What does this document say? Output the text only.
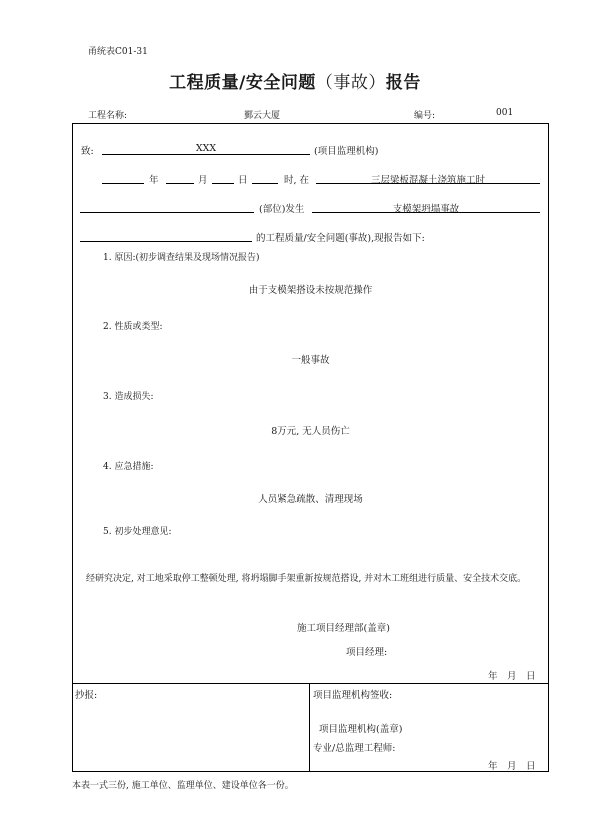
甬统表C01-31
工程质量/安全问题（事故）报告
工程名称:	鄞云大厦	编号:	001
致:	XXX	(项目监理机构)
年	月	日	时, 在	三层梁板混凝土浇筑施工时
(部位)发生	支模架坍塌事故
的工程质量/安全问题(事故),现报告如下:
1. 原因:(初步调查结果及现场情况报告)
由于支模架搭设未按规范操作
2. 性质或类型:
一般事故
3. 造成损失:
8万元, 无人员伤亡
4. 应急措施:
人员紧急疏散、清理现场
5. 初步处理意见:
经研究决定, 对工地采取停工整顿处理, 将坍塌脚手架重新按规范搭设, 并对木工班组进行质量、安全技术交底。
施工项目经理部(盖章)
项目经理:
年　月　日
抄报:	项目监理机构签收:
项目监理机构(盖章)
专业/总监理工程师:
年　月　日
本表一式三份, 施工单位、监理单位、建设单位各一份。
